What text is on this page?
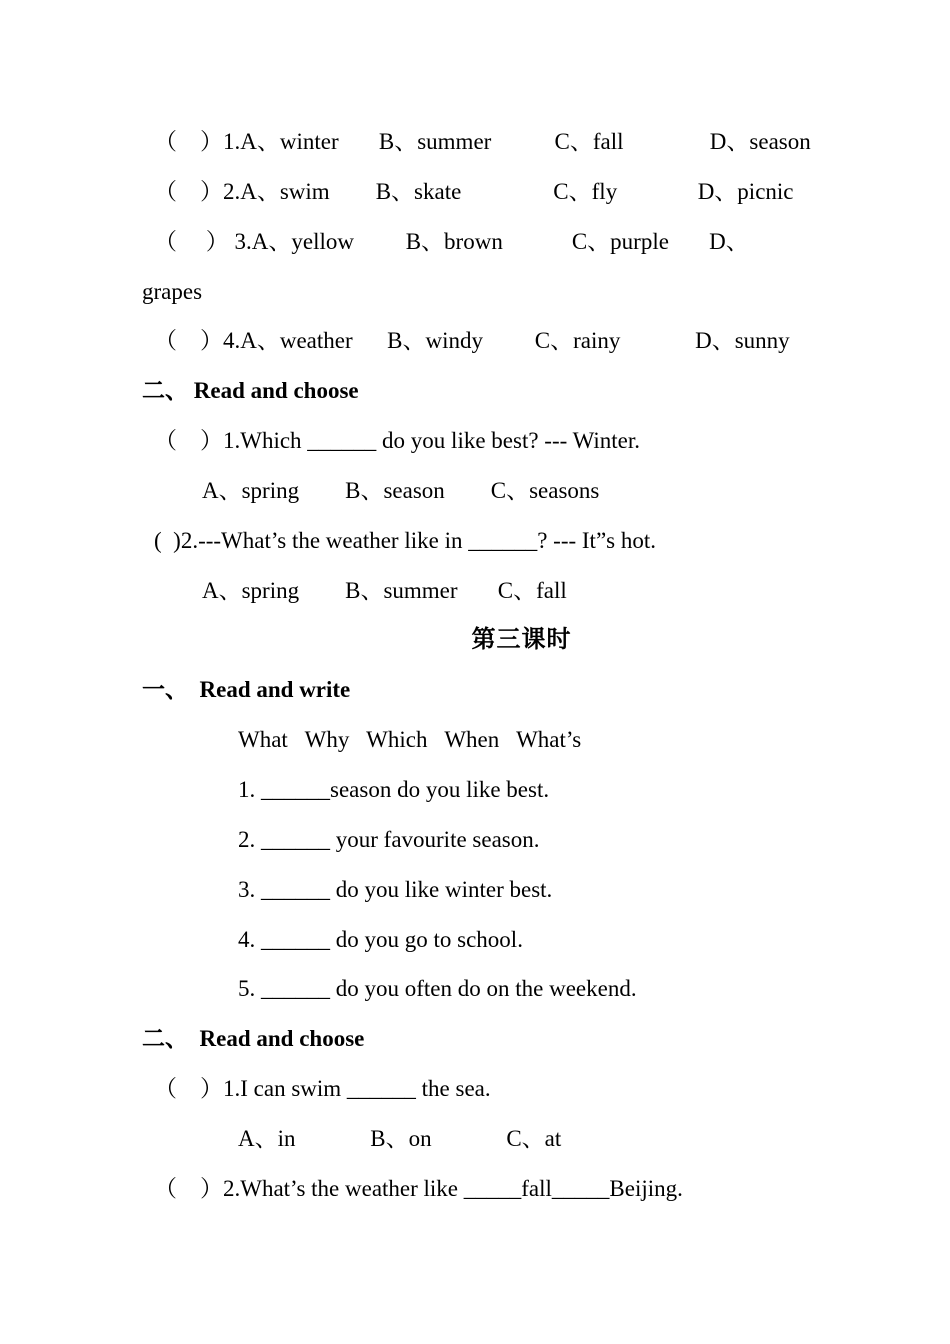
（　）1.A、winter       B、summer           C、fall               D、season
（　）2.A、swim        B、skate                C、fly              D、picnic
（　 ） 3.A、yellow         B、brown            C、purple       D、
grapes
（　）4.A、weather      B、windy         C、rainy             D、sunny
二、 Read and choose
（　）1.Which ______ do you like best? --- Winter.
A、spring        B、season        C、seasons
(  )2.---What’s the weather like in ______? --- It”s hot.
A、spring        B、summer       C、fall
第三课时
一、  Read and write
What   Why   Which   When   What’s
1. ______season do you like best.
2. ______ your favourite season.
3. ______ do you like winter best.
4. ______ do you go to school.
5. ______ do you often do on the weekend.
二、  Read and choose
（　）1.I can swim ______ the sea.
A、in             B、on             C、at
（　）2.What’s the weather like _____fall_____Beijing.
